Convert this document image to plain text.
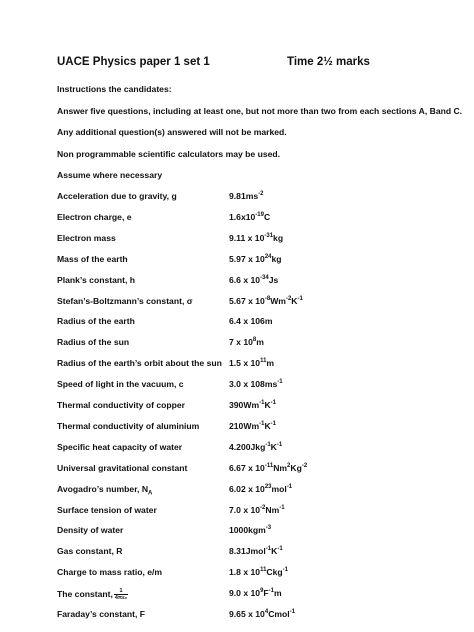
UACE Physics paper 1 set 1	Time 2½ marks
Instructions the candidates:
Answer five questions, including at least one, but not more than two from each sections A, Band C.
Any additional question(s) answered will not be marked.
Non programmable scientific calculators may be used.
Assume where necessary
Acceleration due to gravity, g	$9.81ms^{-2}$
Electron charge, e	$1.6x10^{-19}C$
Electron mass	9.11 x $10^{-31}kg$
Mass of the earth	5.97 x $10^{24}kg$
Plank’s constant, h	6.6 x $10^{-34}Js$
Stefan’s-Boltzmann’s constant, σ	5.67 x $10^{-8}Wm^{-2}K^{-1}$
Radius of the earth	6.4 x 106m
Radius of the sun	7 x $10^8m$
Radius of the earth’s orbit about the sun 1.5 x $10^{11}m$
Speed of light in the vacuum, c	3.0 x $108ms^{-1}$
Thermal conductivity of copper	$390Wm^{-1}K^{-1}$
Thermal conductivity of aluminium	$210Wm^{-1}K^{-1}$
Specific heat capacity of water	$4.200Jkg^{-1}K^{-1}$
Universal gravitational constant	6.67 x $10^{-11}Nm^2Kg^{-2}$
Avogadro’s number, $N_A$	6.02 x $10^{23}mol^{-1}$
Surface tension of water	7.0 x $10^{-2}Nm^{-1}$
Density of water	1000kgm$^{-3}$
Gas constant, R	$8.31Jmol^{-1}K^{-1}$
Charge to mass ratio, e/m	1.8 x $10^{11}Ckg^{-1}$
The constant, $\frac{1}{\text{4πε₀}}$	9.0 x $10^9F^{-1}m$
Faraday’s constant, F	9.65 x $10^4Cmol^{-1}$
